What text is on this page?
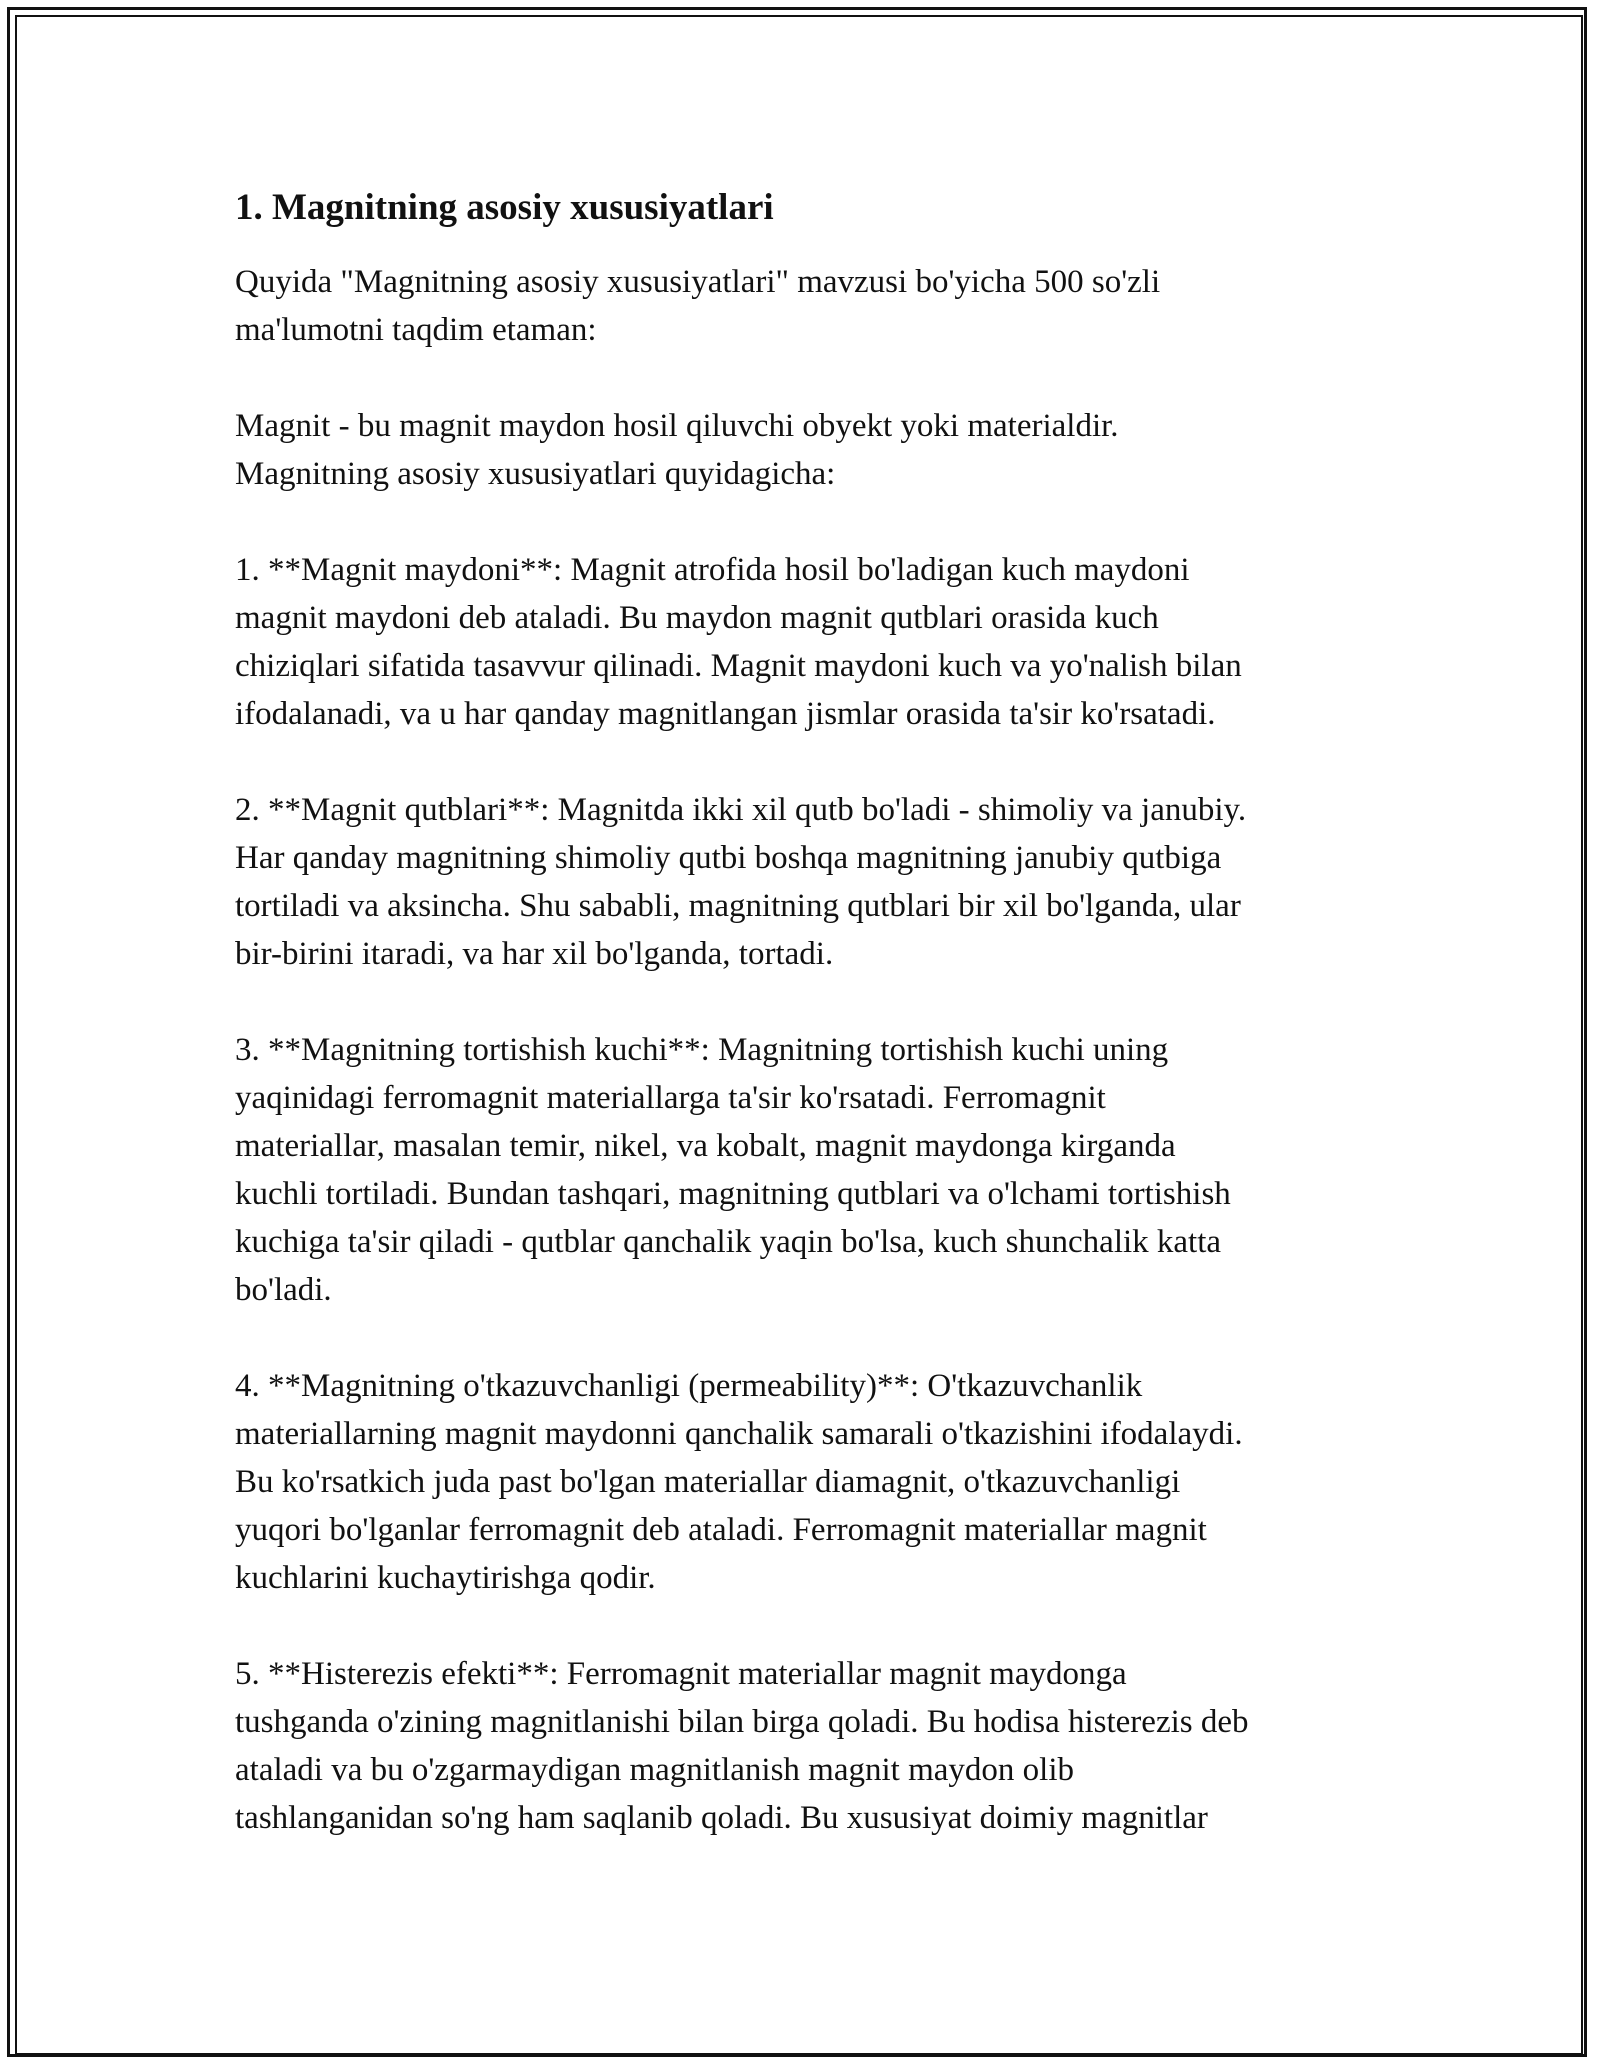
1. Magnitning asosiy xususiyatlari

Quyida "Magnitning asosiy xususiyatlari" mavzusi bo'yicha 500 so'zli
ma'lumotni taqdim etaman:

Magnit - bu magnit maydon hosil qiluvchi obyekt yoki materialdir.
Magnitning asosiy xususiyatlari quyidagicha:

1. **Magnit maydoni**: Magnit atrofida hosil bo'ladigan kuch maydoni
magnit maydoni deb ataladi. Bu maydon magnit qutblari orasida kuch
chiziqlari sifatida tasavvur qilinadi. Magnit maydoni kuch va yo'nalish bilan
ifodalanadi, va u har qanday magnitlangan jismlar orasida ta'sir ko'rsatadi.

2. **Magnit qutblari**: Magnitda ikki xil qutb bo'ladi - shimoliy va janubiy.
Har qanday magnitning shimoliy qutbi boshqa magnitning janubiy qutbiga
tortiladi va aksincha. Shu sababli, magnitning qutblari bir xil bo'lganda, ular
bir-birini itaradi, va har xil bo'lganda, tortadi.

3. **Magnitning tortishish kuchi**: Magnitning tortishish kuchi uning
yaqinidagi ferromagnit materiallarga ta'sir ko'rsatadi. Ferromagnit
materiallar, masalan temir, nikel, va kobalt, magnit maydonga kirganda
kuchli tortiladi. Bundan tashqari, magnitning qutblari va o'lchami tortishish
kuchiga ta'sir qiladi - qutblar qanchalik yaqin bo'lsa, kuch shunchalik katta
bo'ladi.

4. **Magnitning o'tkazuvchanligi (permeability)**: O'tkazuvchanlik
materiallarning magnit maydonni qanchalik samarali o'tkazishini ifodalaydi.
Bu ko'rsatkich juda past bo'lgan materiallar diamagnit, o'tkazuvchanligi
yuqori bo'lganlar ferromagnit deb ataladi. Ferromagnit materiallar magnit
kuchlarini kuchaytirishga qodir.

5. **Histerezis efekti**: Ferromagnit materiallar magnit maydonga
tushganda o'zining magnitlanishi bilan birga qoladi. Bu hodisa histerezis deb
ataladi va bu o'zgarmaydigan magnitlanish magnit maydon olib
tashlanganidan so'ng ham saqlanib qoladi. Bu xususiyat doimiy magnitlar
